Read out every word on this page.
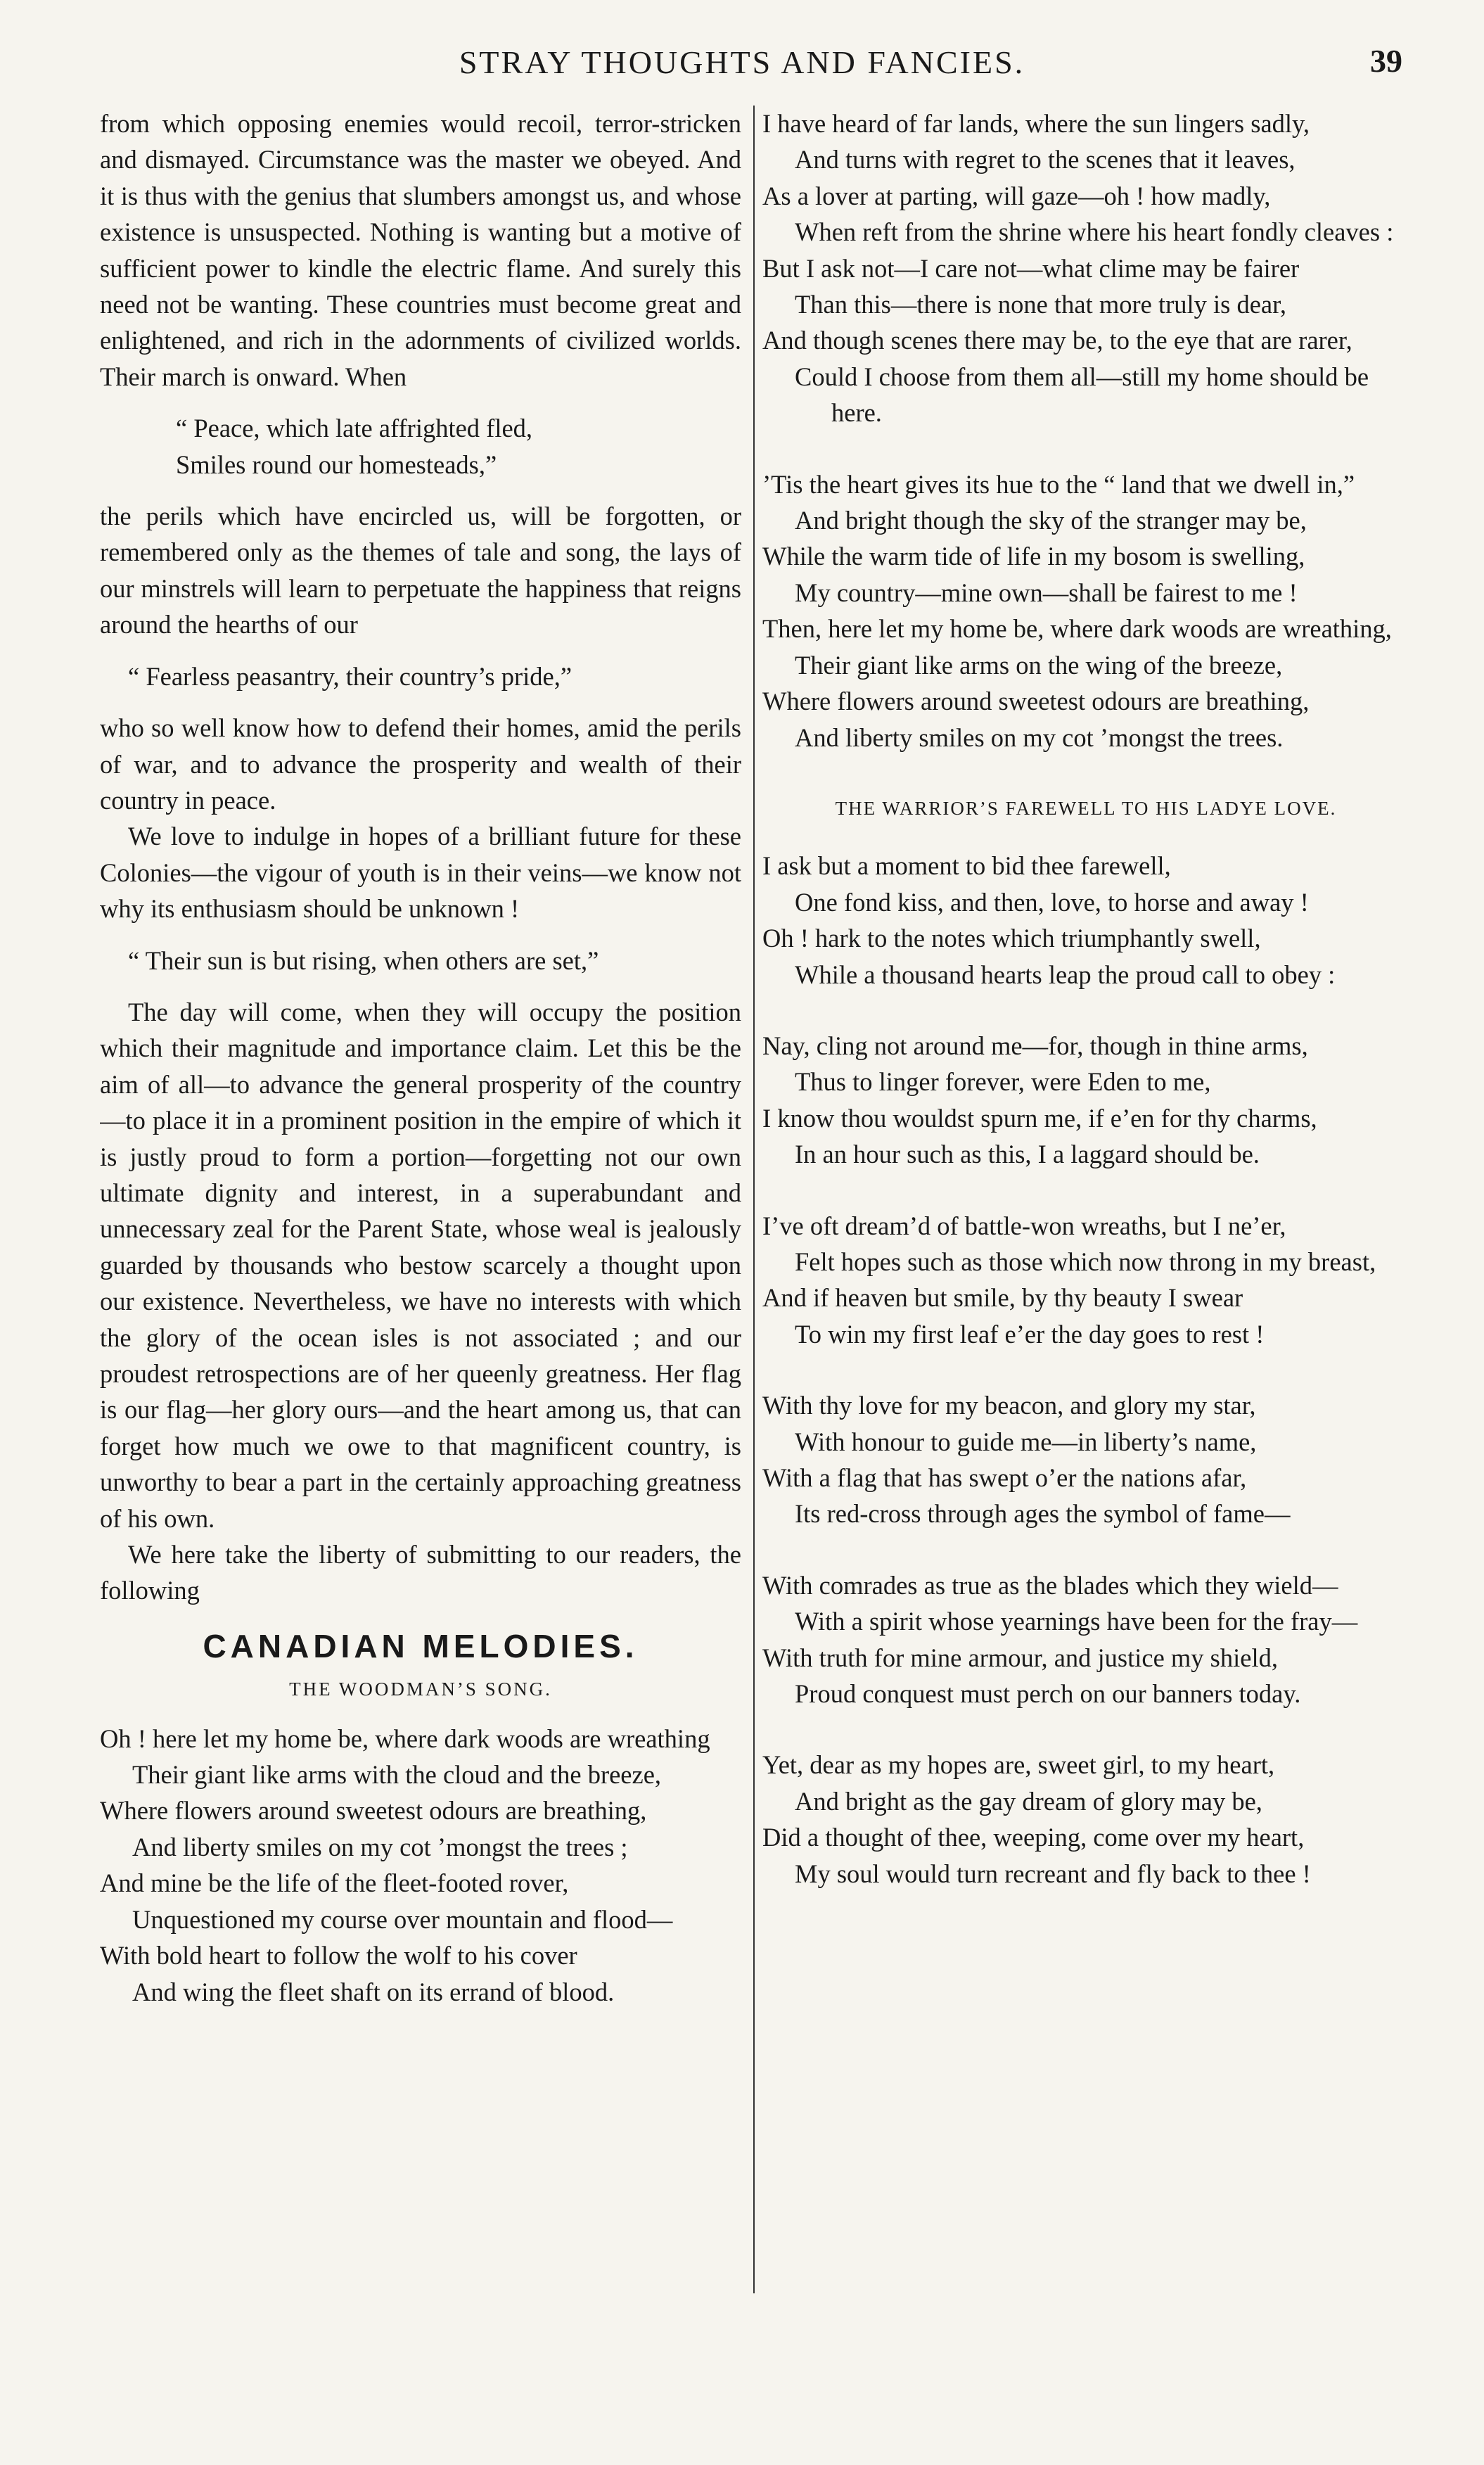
STRAY THOUGHTS AND FANCIES.	39

from which opposing enemies would recoil, terror-stricken and dismayed. Circumstance was the master we obeyed. And it is thus with the genius that slumbers amongst us, and whose existence is unsuspected. Nothing is wanting but a motive of sufficient power to kindle the electric flame. And surely this need not be wanting. These countries must become great and enlightened, and rich in the adornments of civilized worlds. Their march is onward. When

“ Peace, which late affrighted fled,

Smiles round our homesteads,”

the perils which have encircled us, will be forgotten, or remembered only as the themes of tale and song, the lays of our minstrels will learn to perpetuate the happiness that reigns around the hearths of our

“ Fearless peasantry, their country’s pride,”

who so well know how to defend their homes, amid the perils of war, and to advance the prosperity and wealth of their country in peace.

We love to indulge in hopes of a brilliant future for these Colonies—the vigour of youth is in their veins—we know not why its enthusiasm should be unknown !

“ Their sun is but rising, when others are set,”

The day will come, when they will occupy the position which their magnitude and importance claim. Let this be the aim of all—to advance the general prosperity of the country —to place it in a prominent position in the empire of which it is justly proud to form a portion—forgetting not our own ultimate dignity and interest, in a superabundant and unnecessary zeal for the Parent State, whose weal is jealously guarded by thousands who bestow scarcely a thought upon our existence. Nevertheless, we have no interests with which the glory of the ocean isles is not associated ; and our proudest retrospections are of her queenly greatness. Her flag is our flag—her glory ours—and the heart among us, that can forget how much we owe to that magnificent country, is unworthy to bear a part in the certainly approaching greatness of his own.

We here take the liberty of submitting to our readers, the following

CANADIAN MELODIES.
THE WOODMAN’S SONG.

Oh ! here let my home be, where dark woods are wreathing

Their giant like arms with the cloud and the breeze,

Where flowers around sweetest odours are breathing,

And liberty smiles on my cot ’mongst the trees ;

And mine be the life of the fleet-footed rover,

Unquestioned my course over mountain and flood—

With bold heart to follow the wolf to his cover

And wing the fleet shaft on its errand of blood.

I have heard of far lands, where the sun lingers sadly,

And turns with regret to the scenes that it leaves,

As a lover at parting, will gaze—oh ! how madly,

When reft from the shrine where his heart fondly cleaves :

But I ask not—I care not—what clime may be fairer

Than this—there is none that more truly is dear,

And though scenes there may be, to the eye that are rarer,

Could I choose from them all—still my home should be here.

’Tis the heart gives its hue to the “ land that we dwell in,”

And bright though the sky of the stranger may be,

While the warm tide of life in my bosom is swelling,

My country—mine own—shall be fairest to me !

Then, here let my home be, where dark woods are wreathing,

Their giant like arms on the wing of the breeze,

Where flowers around sweetest odours are breathing,

And liberty smiles on my cot ’mongst the trees.

THE WARRIOR’S FAREWELL TO HIS LADYE LOVE.

I ask but a moment to bid thee farewell,

One fond kiss, and then, love, to horse and away !

Oh ! hark to the notes which triumphantly swell,

While a thousand hearts leap the proud call to obey :

Nay, cling not around me—for, though in thine arms,

Thus to linger forever, were Eden to me,

I know thou wouldst spurn me, if e’en for thy charms,

In an hour such as this, I a laggard should be.

I’ve oft dream’d of battle-won wreaths, but I ne’er,

Felt hopes such as those which now throng in my breast,

And if heaven but smile, by thy beauty I swear

To win my first leaf e’er the day goes to rest !

With thy love for my beacon, and glory my star,

With honour to guide me—in liberty’s name,

With a flag that has swept o’er the nations afar,

Its red-cross through ages the symbol of fame—

With comrades as true as the blades which they wield—

With a spirit whose yearnings have been for the fray—

With truth for mine armour, and justice my shield,

Proud conquest must perch on our banners today.

Yet, dear as my hopes are, sweet girl, to my heart,

And bright as the gay dream of glory may be,

Did a thought of thee, weeping, come over my heart,

My soul would turn recreant and fly back to thee !
